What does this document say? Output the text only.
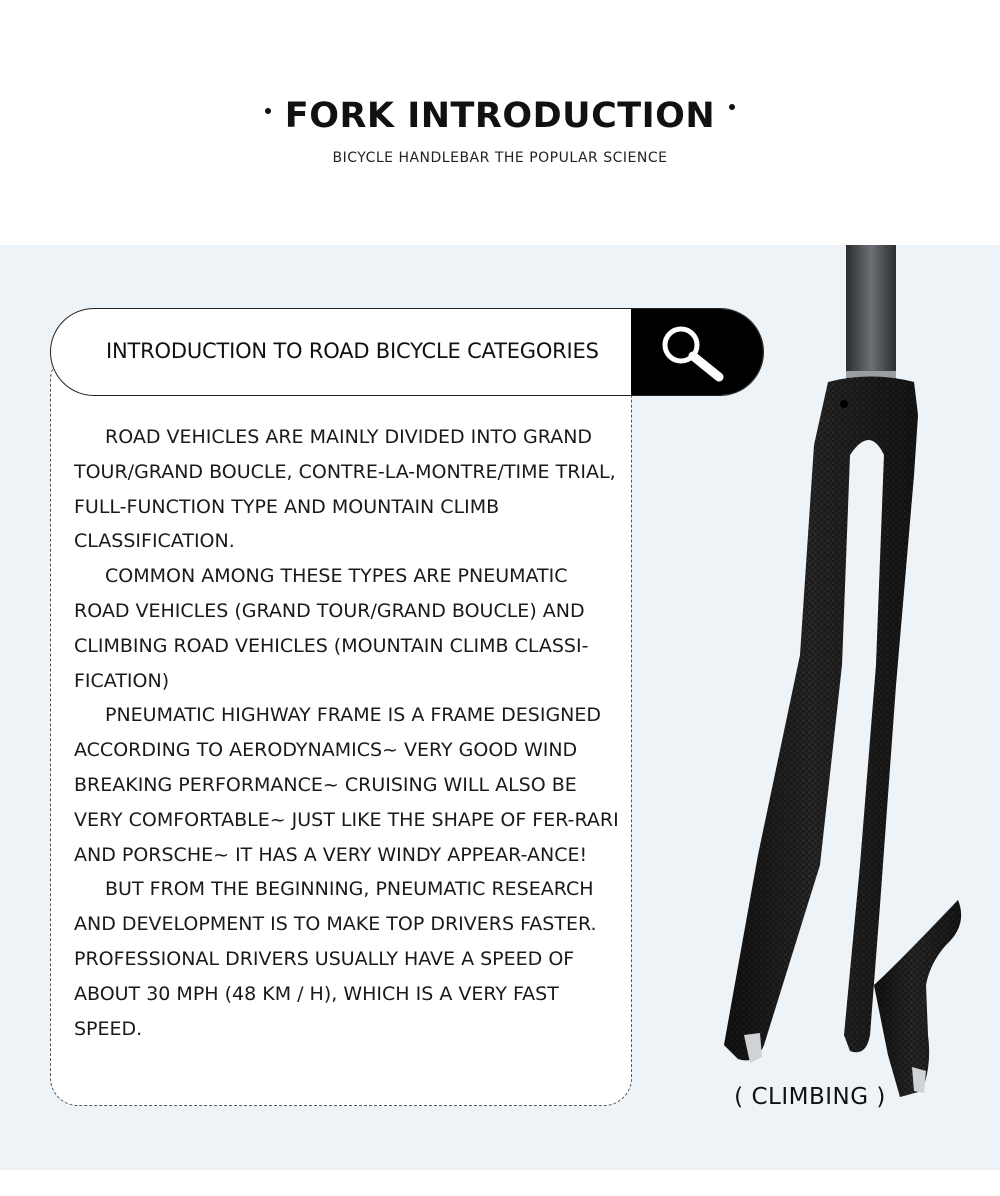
FORK INTRODUCTION
BICYCLE HANDLEBAR THE POPULAR SCIENCE
INTRODUCTION TO ROAD BICYCLE CATEGORIES

ROAD VEHICLES ARE MAINLY DIVIDED INTO GRAND TOUR/GRAND BOUCLE, CONTRE-LA-MONTRE/TIME TRIAL, FULL-FUNCTION TYPE AND MOUNTAIN CLIMB CLASSIFICATION.

COMMON AMONG THESE TYPES ARE PNEUMATIC ROAD VEHICLES (GRAND TOUR/GRAND BOUCLE) AND CLIMBING ROAD VEHICLES (MOUNTAIN CLIMB CLASSI-FICATION)

PNEUMATIC HIGHWAY FRAME IS A FRAME DESIGNED ACCORDING TO AERODYNAMICS~ VERY GOOD WIND BREAKING PERFORMANCE~ CRUISING WILL ALSO BE VERY COMFORTABLE~ JUST LIKE THE SHAPE OF FER-RARI AND PORSCHE~ IT HAS A VERY WINDY APPEAR-ANCE!

BUT FROM THE BEGINNING, PNEUMATIC RESEARCH AND DEVELOPMENT IS TO MAKE TOP DRIVERS FASTER. PROFESSIONAL DRIVERS USUALLY HAVE A SPEED OF ABOUT 30 MPH (48 KM / H), WHICH IS A VERY FAST SPEED.

( CLIMBING )
